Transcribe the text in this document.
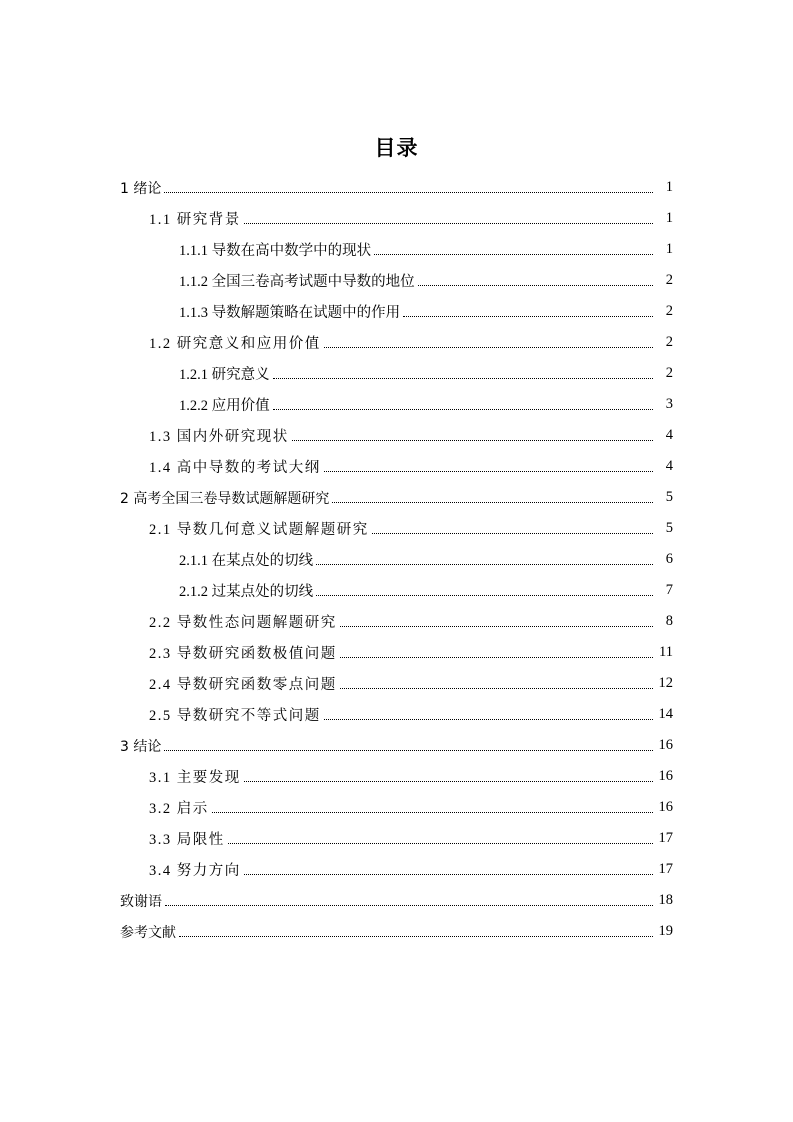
目录
1 绪论	1
1.1 研究背景	1
1.1.1 导数在高中数学中的现状	1
1.1.2 全国三卷高考试题中导数的地位	2
1.1.3 导数解题策略在试题中的作用	2
1.2 研究意义和应用价值	2
1.2.1 研究意义	2
1.2.2 应用价值	3
1.3 国内外研究现状	4
1.4 高中导数的考试大纲	4
2 高考全国三卷导数试题解题研究	5
2.1 导数几何意义试题解题研究	5
2.1.1 在某点处的切线	6
2.1.2 过某点处的切线	7
2.2 导数性态问题解题研究	8
2.3 导数研究函数极值问题	11
2.4 导数研究函数零点问题	12
2.5 导数研究不等式问题	14
3 结论	16
3.1 主要发现	16
3.2 启示	16
3.3 局限性	17
3.4 努力方向	17
致谢语	18
参考文献	19
